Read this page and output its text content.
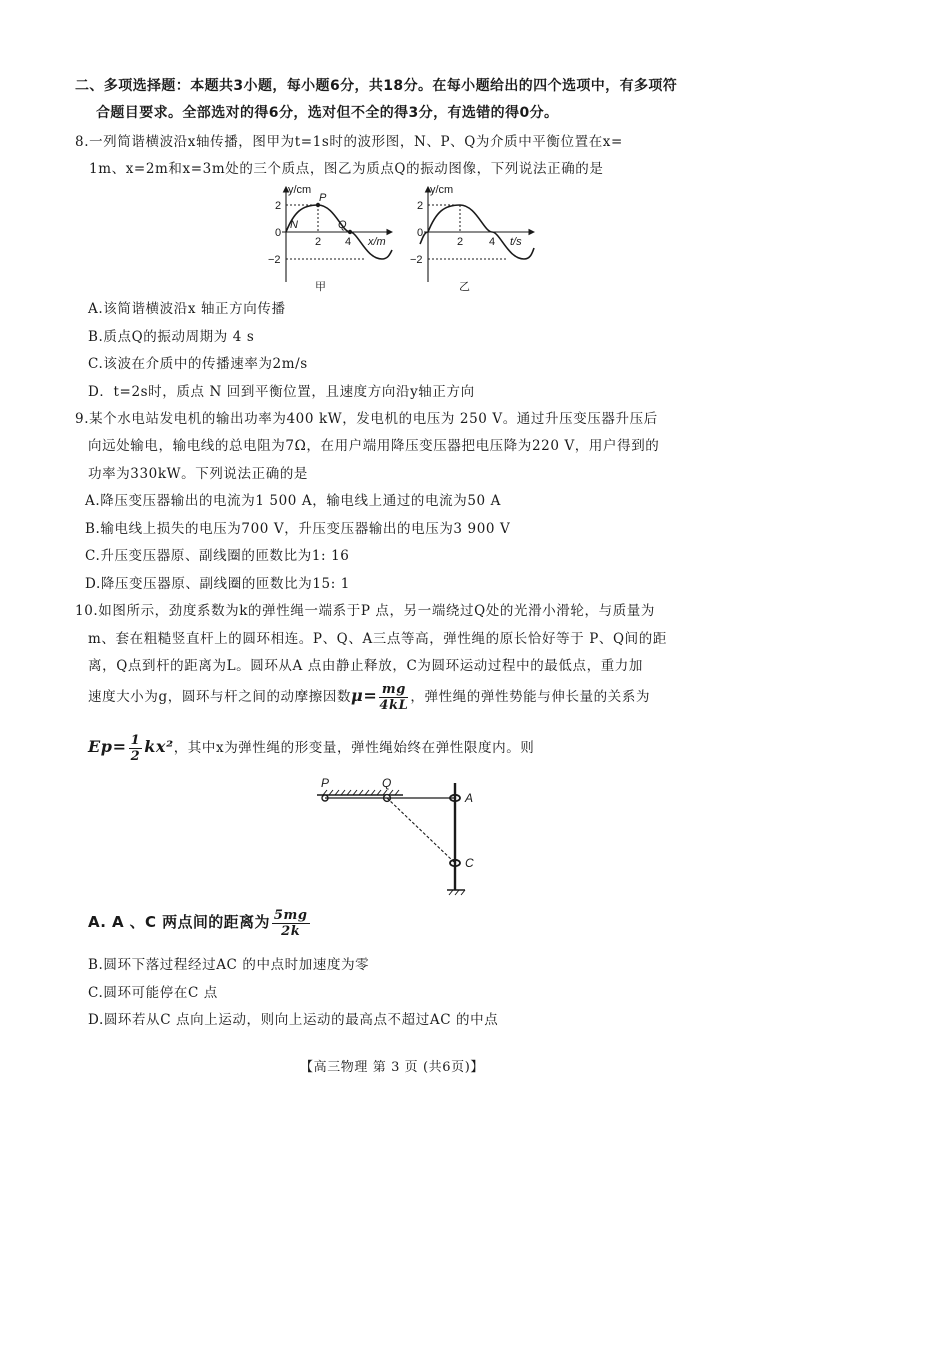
二、多项选择题：本题共3小题，每小题6分，共18分。在每小题给出的四个选项中，有多项符
合题目要求。全部选对的得6分，选对但不全的得3分，有选错的得0分。
8.一列简谐横波沿x轴传播，图甲为t=1s时的波形图，N、P、Q为介质中平衡位置在x=
1m、x=2m和x=3m处的三个质点，图乙为质点Q的振动图像，下列说法正确的是
y/cm
x/m
2
0
−2
2 4
N
P
Q
甲
y/cm
t/s
2
0
−2
2 4
乙
A.该简谐横波沿x 轴正方向传播
B.质点Q的振动周期为 4 s
C.该波在介质中的传播速率为2m/s
D．t=2s时，质点 N 回到平衡位置，且速度方向沿y轴正方向
9.某个水电站发电机的输出功率为400 kW，发电机的电压为 250 V。通过升压变压器升压后
向远处输电，输电线的总电阻为7Ω，在用户端用降压变压器把电压降为220 V，用户得到的
功率为330kW。下列说法正确的是
A.降压变压器输出的电流为1 500 A，输电线上通过的电流为50 A
B.输电线上损失的电压为700 V，升压变压器输出的电压为3 900 V
C.升压变压器原、副线圈的匝数比为1: 16
D.降压变压器原、副线圈的匝数比为15: 1
10.如图所示，劲度系数为k的弹性绳一端系于P 点，另一端绕过Q处的光滑小滑轮，与质量为
m、套在粗糙竖直杆上的圆环相连。P、Q、A三点等高，弹性绳的原长恰好等于 P、Q间的距
离，Q点到杆的距离为L。圆环从A 点由静止释放，C为圆环运动过程中的最低点，重力加
速度大小为g，圆环与杆之间的动摩擦因数$\mu= \frac{mg}{4kL}$ ，弹性绳的弹性势能与伸长量的关系为
$Ep= \frac{1}{2} kx^2$，其中x为弹性绳的形变量，弹性绳始终在弹性限度内。则
P	Q
A
C
A. A 、C 两点间的距离为 $\frac{5mg}{2k}$
B.圆环下落过程经过AC 的中点时加速度为零
C.圆环可能停在C 点
D.圆环若从C 点向上运动，则向上运动的最高点不超过AC 的中点
【高三物理 第 3 页 (共6页)】
